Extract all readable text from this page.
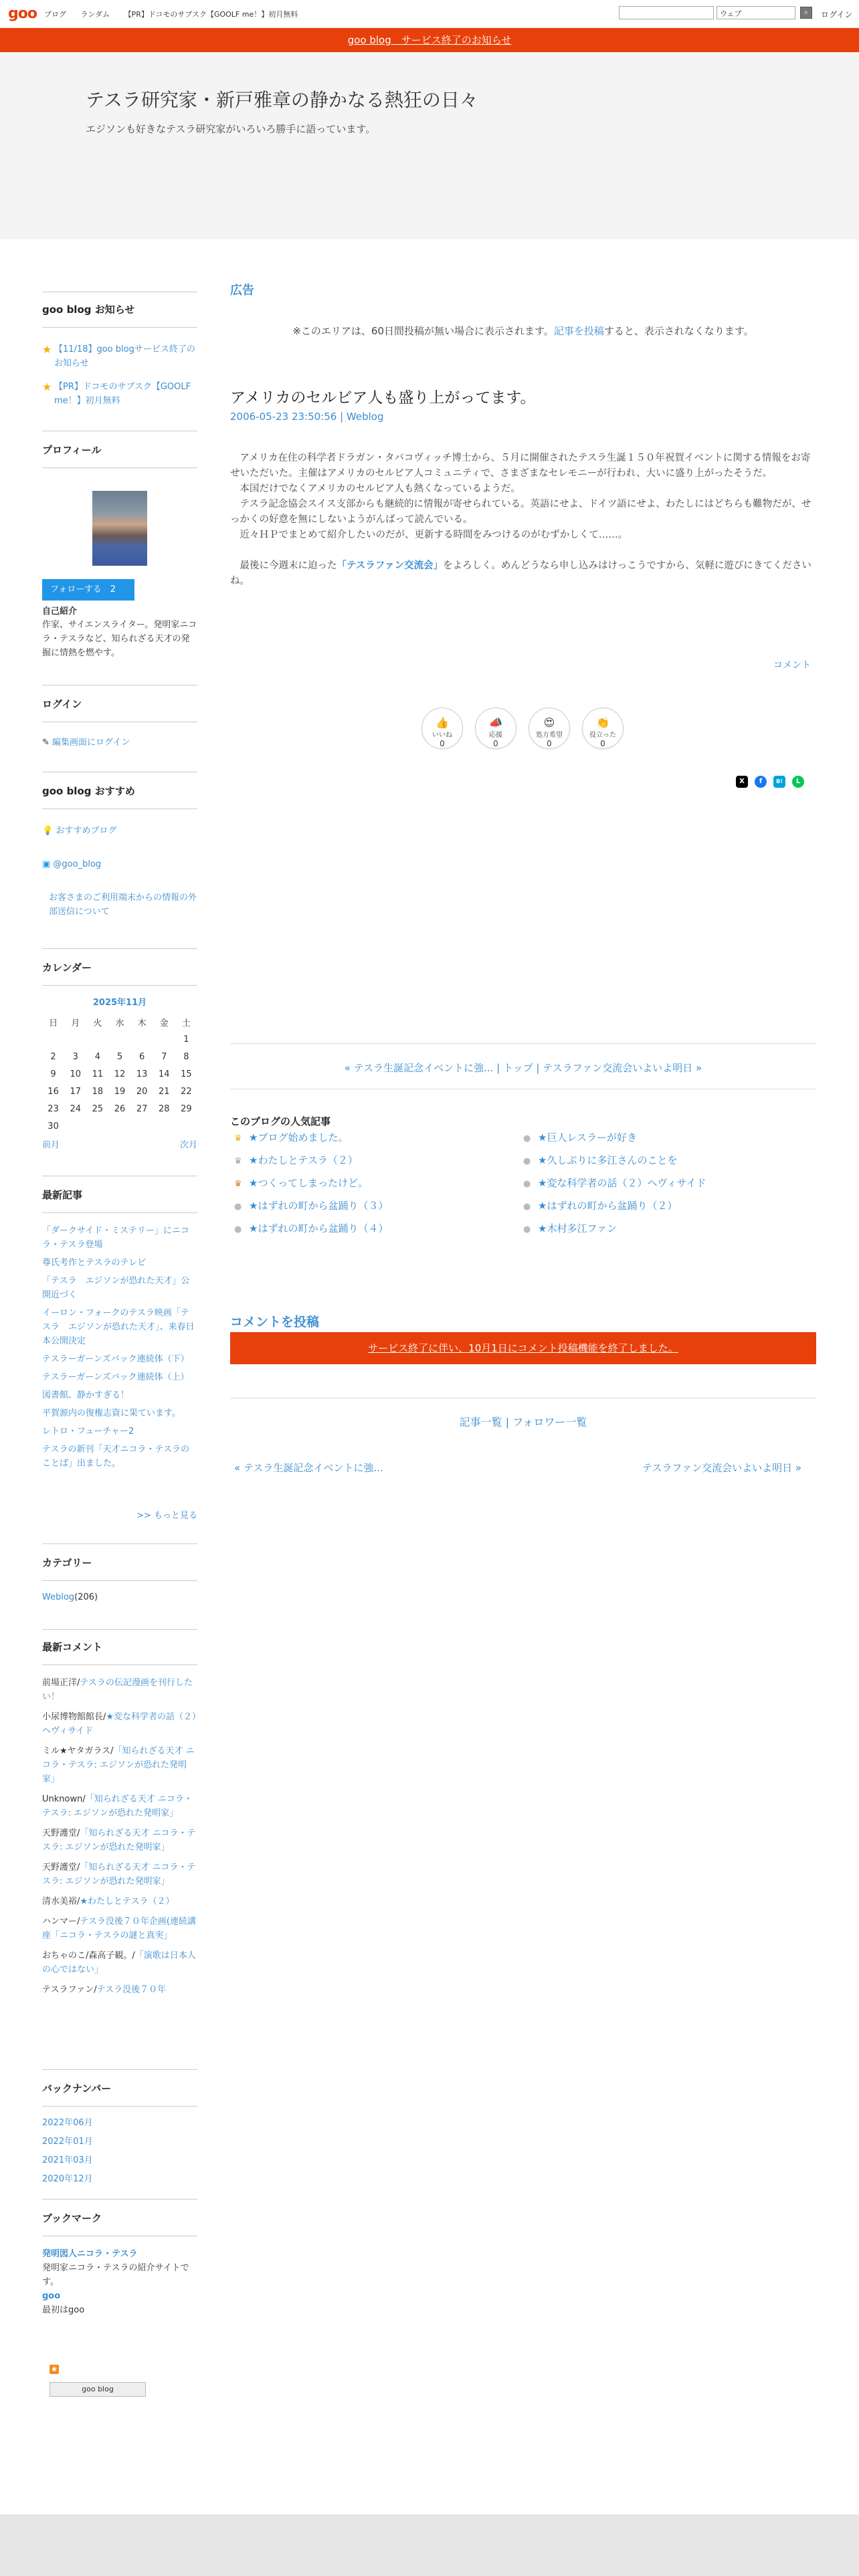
goo ブログ ランダム 【PR】ドコモのサブスク【GOOLF me！】初月無料	ウェブ	⌕	ログイン
goo blog　サービス終了のお知らせ
テスラ研究家・新戸雅章の静かなる熱狂の日々
エジソンも好きなテスラ研究家がいろいろ勝手に語っています。
goo blog お知らせ
★ 【11/18】goo blogサービス終了のお知らせ
★ 【PR】ドコモのサブスク【GOOLF me！】初月無料
プロフィール
フォローする　 2
自己紹介
作家、サイエンスライター。発明家ニコラ・テスラなど、知られざる天才の発掘に情熱を燃やす。
ログイン
✎ 編集画面にログイン
goo blog おすすめ
💡 おすすめブログ
▣ @goo_blog
お客さまのご利用端末からの情報の外部送信について
カレンダー
2025年11月
日	月	火	水	木	金	土
						1
2	3	4	5	6	7	8
9	10	11	12	13	14	15
16	17	18	19	20	21	22
23	24	25	26	27	28	29
30						
前月	次月
最新記事
「ダークサイド・ミステリー」にニコラ・テスラ登場
尊氏考作とテスラのテレビ
「テスラ　エジソンが恐れた天才」公開近づく
イーロン・フォークのテスラ映画「テスラ　エジソンが恐れた天才」、来春日本公開決定
テスラーガーンズバック連続体（下）
テスラーガーンズバック連続体（上）
図書館、静かすぎる！
平賀源内の復権志資に果ています。
レトロ・フューチャー2
テスラの新刊「天才ニコラ・テスラのことば」出ました。
>> もっと見る
カテゴリー
Weblog(206)
最新コメント
前場正洋/テスラの伝記漫画を刊行したい！
小尿博物館館長/★変な科学者の話（２）ヘヴィサイド
ミル★ヤタガラス/「知られざる天才 ニコラ・テスラ: エジソンが恐れた発明家」
Unknown/「知られざる天才 ニコラ・テスラ: エジソンが恐れた発明家」
天野護堂/「知られざる天才 ニコラ・テスラ: エジソンが恐れた発明家」
天野護堂/「知られざる天才 ニコラ・テスラ: エジソンが恐れた発明家」
清水美裕/★わたしとテスラ（２）
ハンマー/テスラ没後７０年企画(連続講座「ニコラ・テスラの謎と真実」
おちゃのこ/森高子観。/「演歌は日本人の心ではない」
テスラファン/テスラ没後７０年
バックナンバー
2022年06月
2022年01月
2021年03月
2020年12月
ブックマーク
発明図人ニコラ・テスラ
発明家ニコラ・テスラの紹介サイトです。
goo
最初はgoo
◉
goo blog
広告
※このエリアは、60日間投稿が無い場合に表示されます。記事を投稿すると、表示されなくなります。
アメリカのセルビア人も盛り上がってます。
2006-05-23 23:50:56 | Weblog

　アメリカ在住の科学者ドラガン・タバコヴィッチ博士から、５月に開催されたテスラ生誕１５０年祝賀イベントに関する情報をお寄せいただいた。主催はアメリカのセルビア人コミュニティで、さまざまなセレモニーが行われ、大いに盛り上がったそうだ。

　本国だけでなくアメリカのセルビア人も熱くなっているようだ。

　テスラ記念協会スイス支部からも継続的に情報が寄せられている。英語にせよ、ドイツ語にせよ、わたしにはどちらも難物だが、せっかくの好意を無にしないようがんばって読んでいる。

　近々ＨＰでまとめて紹介したいのだが、更新する時間をみつけるのがむずかしくて……。

　最後に今週末に迫った「テスラファン交流会」をよろしく。めんどうなら申し込みはけっこうですから、気軽に遊びにきてくださいね。

コメント
👍
いいね
0
📣
応援
0
😍
処方希望
0
👏
役立った
0
X	f	B!	L
« テスラ生誕記念イベントに強... | トップ | テスラファン交流会いよいよ明日 »
このブログの人気記事
♛ ★ブログ始めました。
♛ ★わたしとテスラ（２）
♛ ★つくってしまったけど。
● ★はずれの町から盆踊り（３）
● ★はずれの町から盆踊り（４）
● ★巨人レスラーが好き
● ★久しぶりに多江さんのことを
● ★変な科学者の話（２）ヘヴィサイド
● ★はずれの町から盆踊り（２）
● ★木村多江ファン
コメントを投稿
サービス終了に伴い、10月1日にコメント投稿機能を終了しました。
記事一覧 | フォロワー一覧
« テスラ生誕記念イベントに強...	テスラファン交流会いよいよ明日 »
